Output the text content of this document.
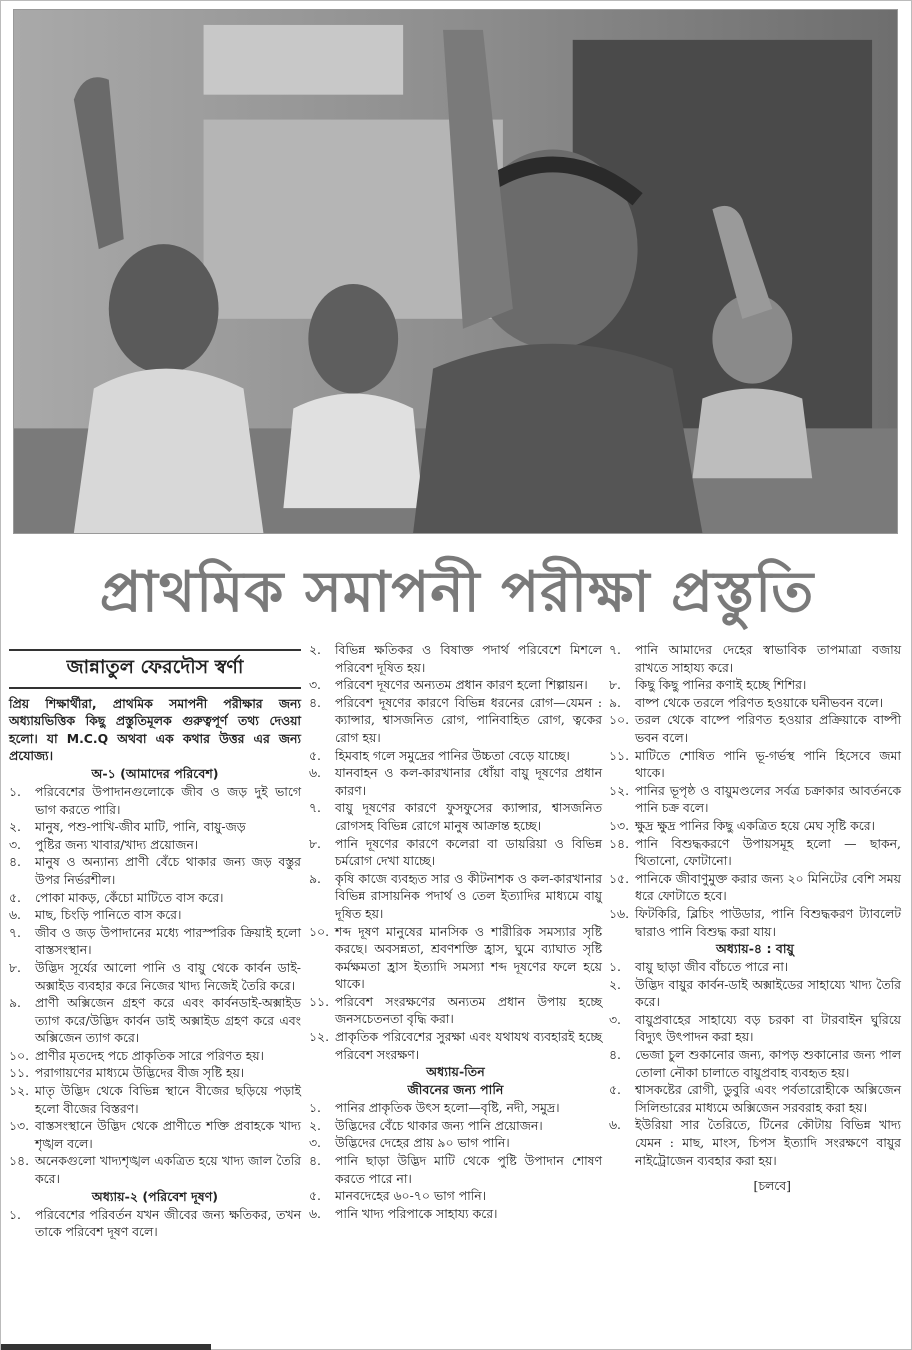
প্রাথমিক সমাপনী পরীক্ষা প্রস্তুতি
জান্নাতুল ফেরদৌস স্বর্ণা
প্রিয় শিক্ষার্থীরা, প্রাথমিক সমাপনী পরীক্ষার জন্য অধ্যায়ভিত্তিক কিছু প্রস্তুতিমূলক গুরুত্বপূর্ণ তথ্য দেওয়া হলো। যা M.C.Q অথবা এক কথার উত্তর এর জন্য প্রযোজ্য।
অ-১ (আমাদের পরিবেশ)
১.	পরিবেশের উপাদানগুলোকে জীব ও জড় দুই ভাগে ভাগ করতে পারি।
২.	মানুষ, পশু-পাখি-জীব মাটি, পানি, বায়ু-জড়
৩.	পুষ্টির জন্য খাবার/খাদ্য প্রয়োজন।
৪.	মানুষ ও অন্যান্য প্রাণী বেঁচে থাকার জন্য জড় বস্তুর উপর নির্ভরশীল।
৫.	পোকা মাকড়, কেঁচো মাটিতে বাস করে।
৬.	মাছ, চিংড়ি পানিতে বাস করে।
৭.	জীব ও জড় উপাদানের মধ্যে পারস্পরিক ক্রিয়াই হলো বাস্তসংস্থান।
৮.	উদ্ভিদ সূর্যের আলো পানি ও বায়ু থেকে কার্বন ডাই-অক্সাইড ব্যবহার করে নিজের খাদ্য নিজেই তৈরি করে।
৯.	প্রাণী অক্সিজেন গ্রহণ করে এবং কার্বনডাই-অক্সাইড ত্যাগ করে/উদ্ভিদ কার্বন ডাই অক্সাইড গ্রহণ করে এবং অক্সিজেন ত্যাগ করে।
১০. প্রাণীর মৃতদেহ পচে প্রাকৃতিক সারে পরিণত হয়।
১১. পরাগায়ণের মাধ্যমে উদ্ভিদের বীজ সৃষ্টি হয়।
১২. মাতৃ উদ্ভিদ থেকে বিভিন্ন স্থানে বীজের ছড়িয়ে পড়াই হলো বীজের বিস্তরণ।
১৩. বাস্তসংস্থানে উদ্ভিদ থেকে প্রাণীতে শক্তি প্রবাহকে খাদ্য শৃঙ্খল বলে।
১৪. অনেকগুলো খাদ্যশৃঙ্খল একত্রিত হয়ে খাদ্য জাল তৈরি করে।
অধ্যায়-২ (পরিবেশ দূষণ)
১.	পরিবেশের পরিবর্তন যখন জীবের জন্য ক্ষতিকর, তখন তাকে পরিবেশ দূষণ বলে।
২.	বিভিন্ন ক্ষতিকর ও বিষাক্ত পদার্থ পরিবেশে মিশলে পরিবেশ দূষিত হয়।
৩.	পরিবেশ দূষণের অন্যতম প্রধান কারণ হলো শিল্পায়ন।
৪.	পরিবেশ দূষণের কারণে বিভিন্ন ধরনের রোগ—যেমন : ক্যান্সার, শ্বাসজনিত রোগ, পানিবাহিত রোগ, ত্বকের রোগ হয়।
৫.	হিমবাহ গলে সমুদ্রের পানির উচ্চতা বেড়ে যাচ্ছে।
৬.	যানবাহন ও কল-কারখানার ধোঁয়া বায়ু দূষণের প্রধান কারণ।
৭.	বায়ু দূষণের কারণে ফুসফুসের ক্যান্সার, শ্বাসজনিত রোগসহ বিভিন্ন রোগে মানুষ আক্রান্ত হচ্ছে।
৮.	পানি দূষণের কারণে কলেরা বা ডায়রিয়া ও বিভিন্ন চর্মরোগ দেখা যাচ্ছে।
৯.	কৃষি কাজে ব্যবহৃত সার ও কীটনাশক ও কল-কারখানার বিভিন্ন রাসায়নিক পদার্থ ও তেল ইত্যাদির মাধ্যমে বায়ু দূষিত হয়।
১০. শব্দ দূষণ মানুষের মানসিক ও শারীরিক সমস্যার সৃষ্টি করছে। অবসন্নতা, শ্রবণশক্তি হ্রাস, ঘুমে ব্যাঘাত সৃষ্টি কর্মক্ষমতা হ্রাস ইত্যাদি সমস্যা শব্দ দূষণের ফলে হয়ে থাকে।
১১. পরিবেশ সংরক্ষণের অন্যতম প্রধান উপায় হচ্ছে জনসচেতনতা বৃদ্ধি করা।
১২. প্রাকৃতিক পরিবেশের সুরক্ষা এবং যথাযথ ব্যবহারই হচ্ছে পরিবেশ সংরক্ষণ।
অধ্যায়-তিন
জীবনের জন্য পানি
১.	পানির প্রাকৃতিক উৎস হলো—বৃষ্টি, নদী, সমুদ্র।
২.	উদ্ভিদের বেঁচে থাকার জন্য পানি প্রয়োজন।
৩.	উদ্ভিদের দেহের প্রায় ৯০ ভাগ পানি।
৪.	পানি ছাড়া উদ্ভিদ মাটি থেকে পুষ্টি উপাদান শোষণ করতে পারে না।
৫.	মানবদেহের ৬০-৭০ ভাগ পানি।
৬.	পানি খাদ্য পরিপাকে সাহায্য করে।
৭.	পানি আমাদের দেহের স্বাভাবিক তাপমাত্রা বজায় রাখতে সাহায্য করে।
৮.	কিছু কিছু পানির কণাই হচ্ছে শিশির।
৯.	বাষ্প থেকে তরলে পরিণত হওয়াকে ঘনীভবন বলে।
১০. তরল থেকে বাষ্পে পরিণত হওয়ার প্রক্রিয়াকে বাষ্পী ভবন বলে।
১১. মাটিতে শোষিত পানি ভূ-গর্ভস্থ পানি হিসেবে জমা থাকে।
১২. পানির ভূপৃষ্ঠ ও বায়ুমণ্ডলের সর্বত্র চক্রাকার আবর্তনকে পানি চক্র বলে।
১৩. ক্ষুদ্র ক্ষুদ্র পানির কিছু একত্রিত হয়ে মেঘ সৃষ্টি করে।
১৪. পানি বিশুদ্ধকরণে উপায়সমূহ হলো — ছাকন, থিতানো, ফোটানো।
১৫. পানিকে জীবাণুমুক্ত করার জন্য ২০ মিনিটের বেশি সময় ধরে ফোটাতে হবে।
১৬. ফিটকিরি, ব্লিচিং পাউডার, পানি বিশুদ্ধকরণ ট্যাবলেট দ্বারাও পানি বিশুদ্ধ করা যায়।
অধ্যায়-৪ : বায়ু
১.	বায়ু ছাড়া জীব বাঁচতে পারে না।
২.	উদ্ভিদ বায়ুর কার্বন-ডাই অক্সাইডের সাহায্যে খাদ্য তৈরি করে।
৩.	বায়ুপ্রবাহের সাহায্যে বড় চরকা বা টারবাইন ঘুরিয়ে বিদ্যুৎ উৎপাদন করা হয়।
৪.	ভেজা চুল শুকানোর জন্য, কাপড় শুকানোর জন্য পাল তোলা নৌকা চালাতে বায়ুপ্রবাহ ব্যবহৃত হয়।
৫.	শ্বাসকষ্টের রোগী, ডুবুরি এবং পর্বতারোহীকে অক্সিজেন সিলিন্ডারের মাধ্যমে অক্সিজেন সরবরাহ করা হয়।
৬.	ইউরিয়া সার তৈরিতে, টিনের কৌটায় বিভিন্ন খাদ্য যেমন : মাছ, মাংস, চিপস ইত্যাদি সংরক্ষণে বায়ুর নাইট্রোজেন ব্যবহার করা হয়।
[চলবে]
